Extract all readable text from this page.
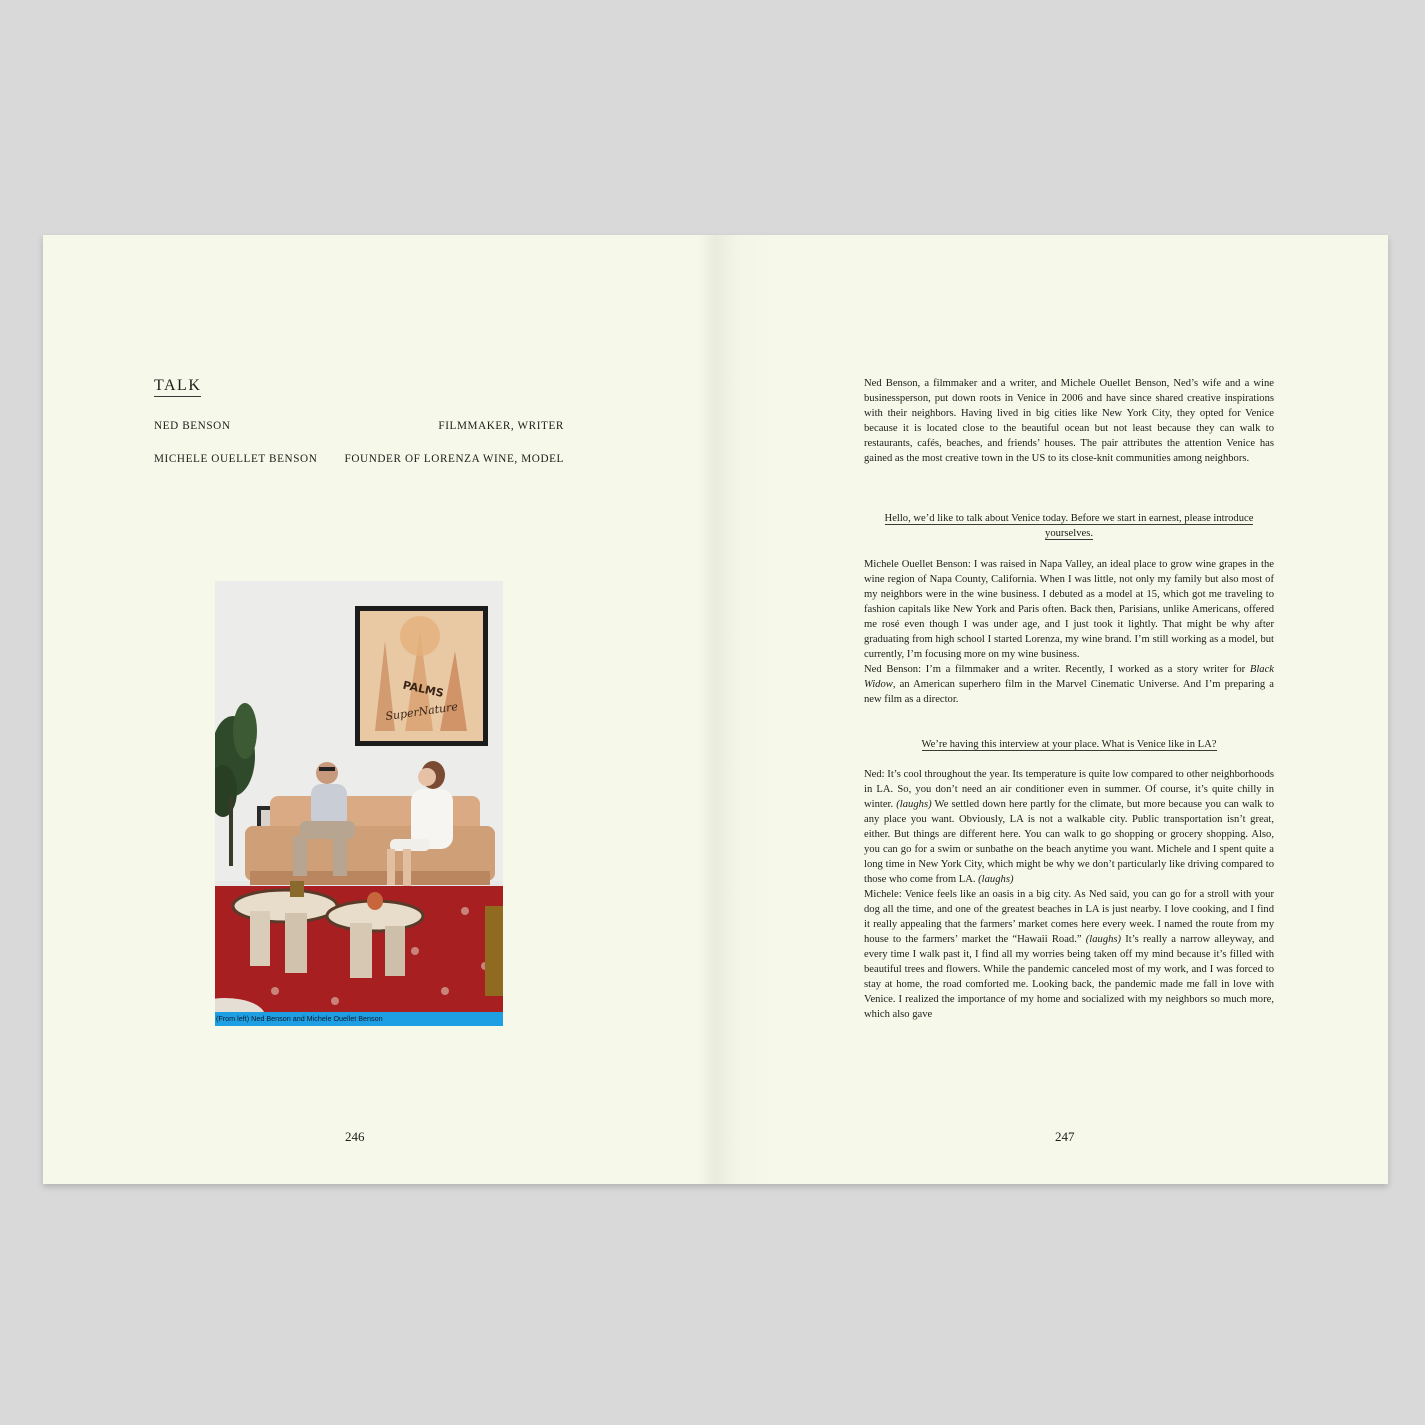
TALK
NED BENSON	FILMMAKER, WRITER
MICHELE OUELLET BENSON FOUNDER OF LORENZA WINE, MODEL
PALMS
SuperNature
(From left) Ned Benson and Michele Ouellet Benson
246

Ned Benson, a filmmaker and a writer, and Michele Ouellet Benson, Ned’s wife and a wine businessperson, put down roots in Venice in 2006 and have since shared creative inspirations with their neighbors. Having lived in big cities like New York City, they opted for Venice because it is located close to the beautiful ocean but not least because they can walk to restaurants, cafés, beaches, and friends’ houses. The pair attributes the attention Venice has gained as the most creative town in the US to its close-knit communities among neighbors.

Hello, we’d like to talk about Venice today. Before we start in earnest, please introduce yourselves.

Michele Ouellet Benson: I was raised in Napa Valley, an ideal place to grow wine grapes in the wine region of Napa County, California. When I was little, not only my family but also most of my neighbors were in the wine business. I debuted as a model at 15, which got me traveling to fashion capitals like New York and Paris often. Back then, Parisians, unlike Americans, offered me rosé even though I was under age, and I just took it lightly. That might be why after graduating from high school I started Lorenza, my wine brand. I’m still working as a model, but currently, I’m focusing more on my wine business.

Ned Benson: I’m a filmmaker and a writer. Recently, I worked as a story writer for Black Widow, an American superhero film in the Marvel Cinematic Universe. And I’m preparing a new film as a director.

We’re having this interview at your place. What is Venice like in LA?

Ned: It’s cool throughout the year. Its temperature is quite low compared to other neighborhoods in LA. So, you don’t need an air conditioner even in summer. Of course, it’s quite chilly in winter. (laughs) We settled down here partly for the climate, but more because you can walk to any place you want. Obviously, LA is not a walkable city. Public transportation isn’t great, either. But things are different here. You can walk to go shopping or grocery shopping. Also, you can go for a swim or sunbathe on the beach anytime you want. Michele and I spent quite a long time in New York City, which might be why we don’t particularly like driving compared to those who come from LA. (laughs)

Michele: Venice feels like an oasis in a big city. As Ned said, you can go for a stroll with your dog all the time, and one of the greatest beaches in LA is just nearby. I love cooking, and I find it really appealing that the farmers’ market comes here every week. I named the route from my house to the farmers’ market the “Hawaii Road.” (laughs) It’s really a narrow alleyway, and every time I walk past it, I find all my worries being taken off my mind because it’s filled with beautiful trees and flowers. While the pandemic canceled most of my work, and I was forced to stay at home, the road comforted me. Looking back, the pandemic made me fall in love with Venice. I realized the importance of my home and socialized with my neighbors so much more, which also gave

247
